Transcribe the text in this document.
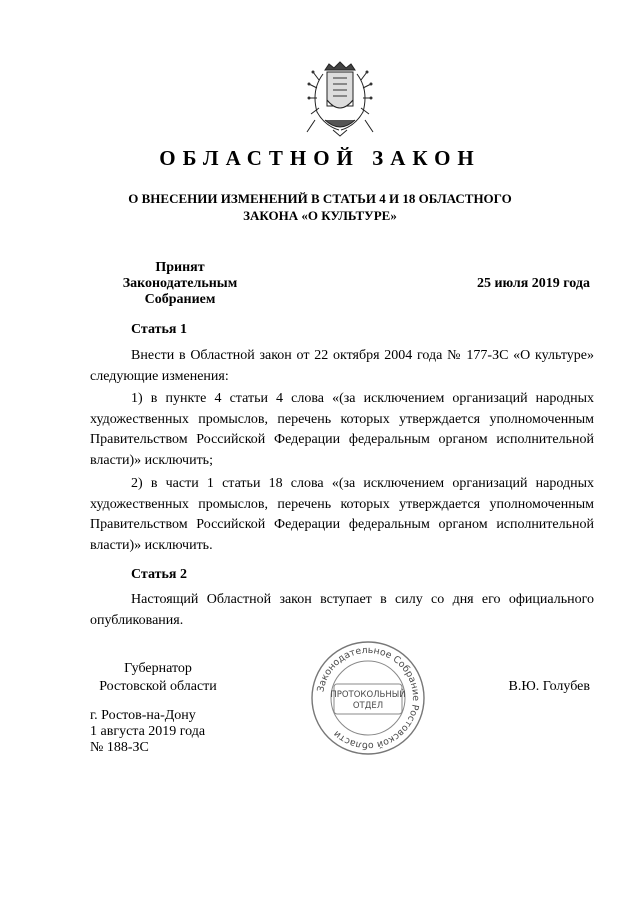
ОБЛАСТНОЙ ЗАКОН
О ВНЕСЕНИИ ИЗМЕНЕНИЙ В СТАТЬИ 4 И 18 ОБЛАСТНОГО ЗАКОНА «О КУЛЬТУРЕ»
Принят
Законодательным Собранием
25 июля 2019 года
Статья 1

Внести в Областной закон от 22 октября 2004 года № 177-ЗС «О культуре» следующие изменения:

1) в пункте 4 статьи 4 слова «(за исключением организаций народных художественных промыслов, перечень которых утверждается уполномоченным Правительством Российской Федерации федеральным органом исполнительной власти)» исключить;

2) в части 1 статьи 18 слова «(за исключением организаций народных художественных промыслов, перечень которых утверждается уполномоченным Правительством Российской Федерации федеральным органом исполнительной власти)» исключить.

Статья 2

Настоящий Областной закон вступает в силу со дня его официального опубликования.

Губернатор
Ростовской области	В.Ю. Голубев
Законодательное Собрание Ростовской области
ПРОТОКОЛЬНЫЙ
ОТДЕЛ
г. Ростов-на-Дону
1 августа 2019 года
№ 188-ЗС
